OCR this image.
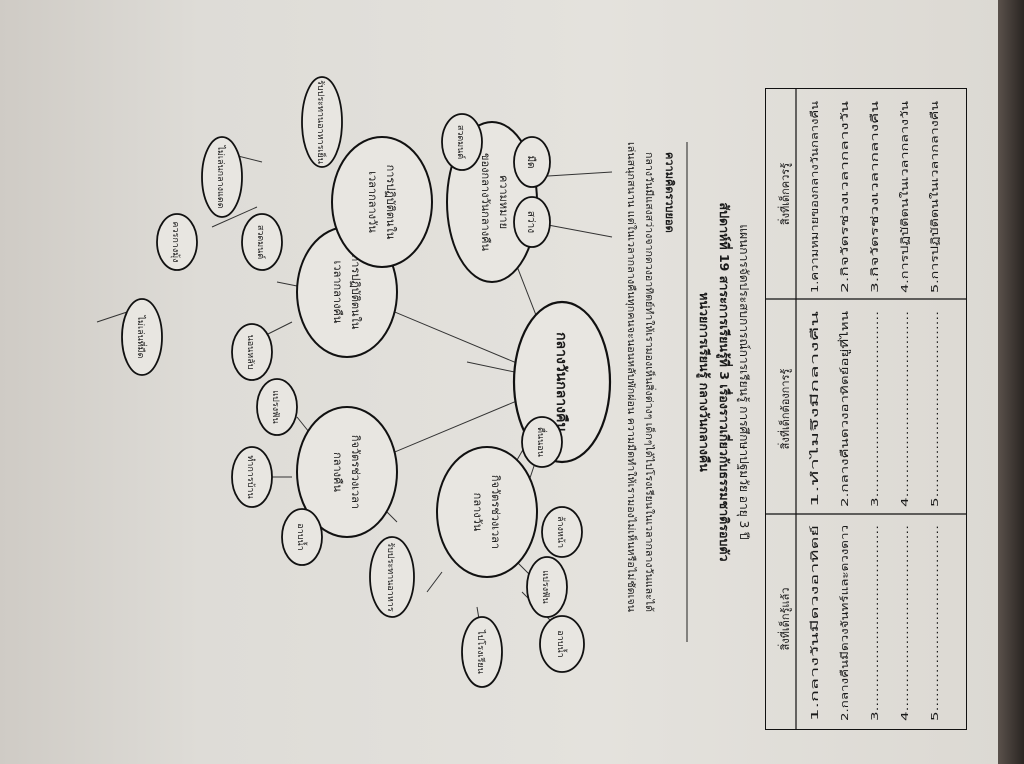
แผนการจัดประสบการณ์การเรียนรู้ การศึกษาปฐมวัย อายุ 3 ปี
สัปดาห์ที่ 19 สาระการเรียนรู้ที่ 3 เรื่องราวเกี่ยวกับธรรมชาติรอบตัว
หน่วยการเรียนรู้ กลางวันกลางคืน
ความคิดรวบยอด
กลางวันมีแสงสว่างจากดวงอาทิตย์ทำให้เรามองเห็นสิ่งต่างๆ เด็กๆได้ไปโรงเรียนในเวลากลางวันและได้
เล่นสนุกสนาน แต่ในเวลากลางคืนทุกคนจะนอนหลับพักผ่อน ความมืดทำให้เรามองไม่เห็นหรือไม่ชัดเจน
กลางวันกลางคืน
ความหมาย
ของกลางวันกลางคืน	มืด
สว่าง
กิจวัตรช่วงเวลา
กลางวัน
ตื่นนอน
ล้างหน้า
แปรงฟัน
อาบน้ำ
ไปโรงเรียน
รับประทานอาหาร
กิจวัตรช่วงเวลา
กลางคืน
อาบน้ำ
ทำการบ้าน
แปรงฟัน
การปฏิบัติตนใน
เวลากลางคืน
สวดมนต์
นอนหลับ
ไม่เล่นที่มืด
การปฏิบัติตนใน
เวลากลางวัน
สวดมนต์
รับประทานอาหารเย็น
ไม่เล่นกลางแดด
ควรกางมุ้ง
สิ่งที่เด็กรู้แล้ว
สิ่งที่เด็กต้องการรู้
สิ่งที่เด็กควรรู้
1.กลางวันมีดวงอาทิตย์ 2.กลางคืนมีดวงจันทร์และดวงดาว 3....................................... 4....................................... 5.......................................
1.ทำไมจึงมีกลางคืน	2.กลางคืนดวงอาทิตย์อยู่ที่ไหน 3....................................... 4....................................... 5.......................................
1.ความหมายของกลางวันกลางคืน 2.กิจวัตรช่วงเวลากลางวัน 3.กิจวัตรช่วงเวลากลางคืน 4.การปฏิบัติตนในเวลากลางวัน 5.การปฏิบัติตนในเวลากลางคืน
